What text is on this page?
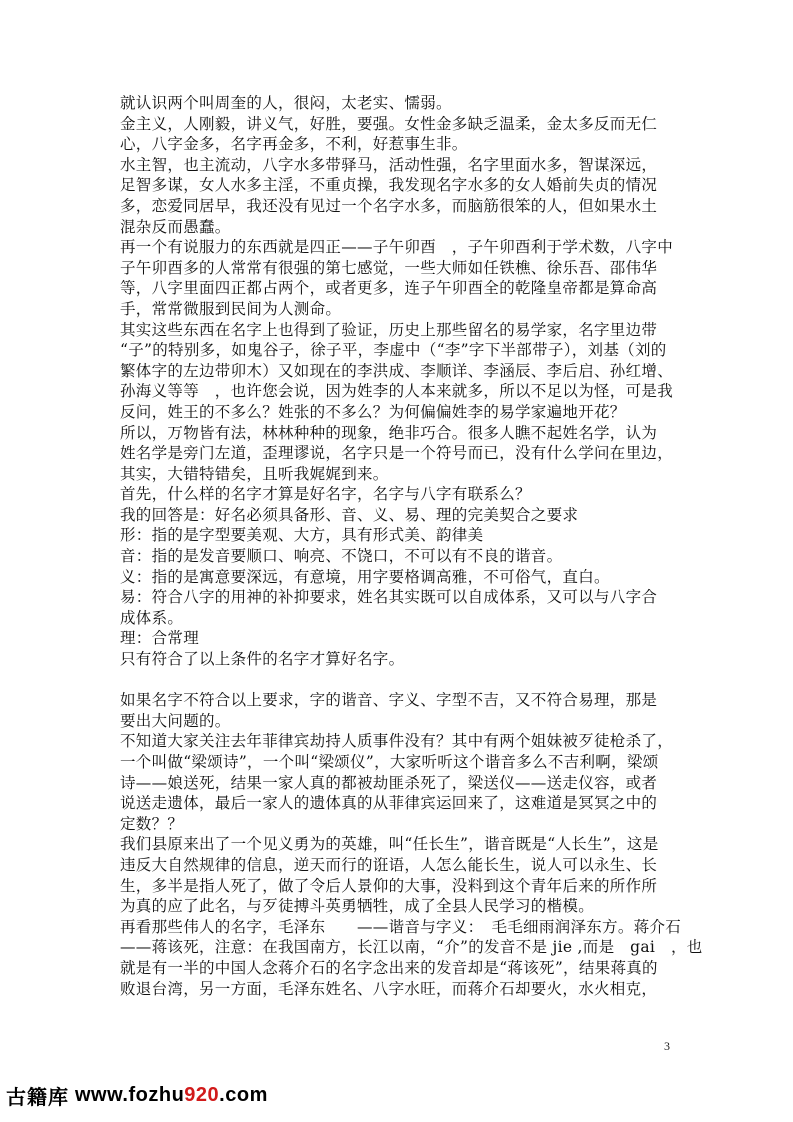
就认识两个叫周奎的人，很闷，太老实、懦弱。
金主义，人刚毅，讲义气，好胜，要强。女性金多缺乏温柔，金太多反而无仁
心，八字金多，名字再金多，不利，好惹事生非。
水主智，也主流动，八字水多带驿马，活动性强，名字里面水多，智谋深远，
足智多谋，女人水多主淫，不重贞操，我发现名字水多的女人婚前失贞的情况
多，恋爱同居早，我还没有见过一个名字水多，而脑筋很笨的人，但如果水土
混杂反而愚蠢。
再一个有说服力的东西就是四正——子午卯酉　，子午卯酉利于学术数，八字中
子午卯酉多的人常常有很强的第七感觉，一些大师如任铁樵、徐乐吾、邵伟华
等，八字里面四正都占两个，或者更多，连子午卯酉全的乾隆皇帝都是算命高
手，常常微服到民间为人测命。
其实这些东西在名字上也得到了验证，历史上那些留名的易学家，名字里边带
“子”的特别多，如鬼谷子，徐子平，李虚中（“李”字下半部带子），刘基（刘的
繁体字的左边带卯木）又如现在的李洪成、李顺详、李涵辰、李后启、孙红增、
孙海义等等　，也许您会说，因为姓李的人本来就多，所以不足以为怪，可是我
反问，姓王的不多么？姓张的不多么？为何偏偏姓李的易学家遍地开花？
所以，万物皆有法，林林种种的现象，绝非巧合。很多人瞧不起姓名学，认为
姓名学是旁门左道，歪理谬说，名字只是一个符号而已，没有什么学问在里边，
其实，大错特错矣，且听我娓娓到来。
首先，什么样的名字才算是好名字，名字与八字有联系么？
我的回答是：好名必须具备形、音、义、易、理的完美契合之要求
形：指的是字型要美观、大方，具有形式美、韵律美
音：指的是发音要顺口、响亮、不饶口，不可以有不良的谐音。
义：指的是寓意要深远，有意境，用字要格调高雅，不可俗气，直白。
易：符合八字的用神的补抑要求，姓名其实既可以自成体系，又可以与八字合
成体系。
理：合常理
只有符合了以上条件的名字才算好名字。
如果名字不符合以上要求，字的谐音、字义、字型不吉，又不符合易理，那是
要出大问题的。
不知道大家关注去年菲律宾劫持人质事件没有？其中有两个姐妹被歹徒枪杀了，
一个叫做“梁颂诗”，一个叫“梁颂仪”，大家听听这个谐音多么不吉利啊，梁颂
诗——娘送死，结果一家人真的都被劫匪杀死了，梁送仪——送走仪容，或者
说送走遗体，最后一家人的遗体真的从菲律宾运回来了，这难道是冥冥之中的
定数？？
我们县原来出了一个见义勇为的英雄，叫“任长生”，谐音既是“人长生”，这是
违反大自然规律的信息，逆天而行的诳语，人怎么能长生，说人可以永生、长
生，多半是指人死了，做了令后人景仰的大事，没料到这个青年后来的所作所
为真的应了此名，与歹徒搏斗英勇牺牲，成了全县人民学习的楷模。
再看那些伟人的名字，毛泽东　　——谐音与字义：　毛毛细雨润泽东方。蒋介石
——蒋该死，注意：在我国南方，长江以南，“介”的发音不是 jie ,而是　gai　，也
就是有一半的中国人念蒋介石的名字念出来的发音却是“蒋该死”，结果蒋真的
败退台湾，另一方面，毛泽东姓名、八字水旺，而蒋介石却要火，水火相克，
3
古籍库 www.fozhu920.com
